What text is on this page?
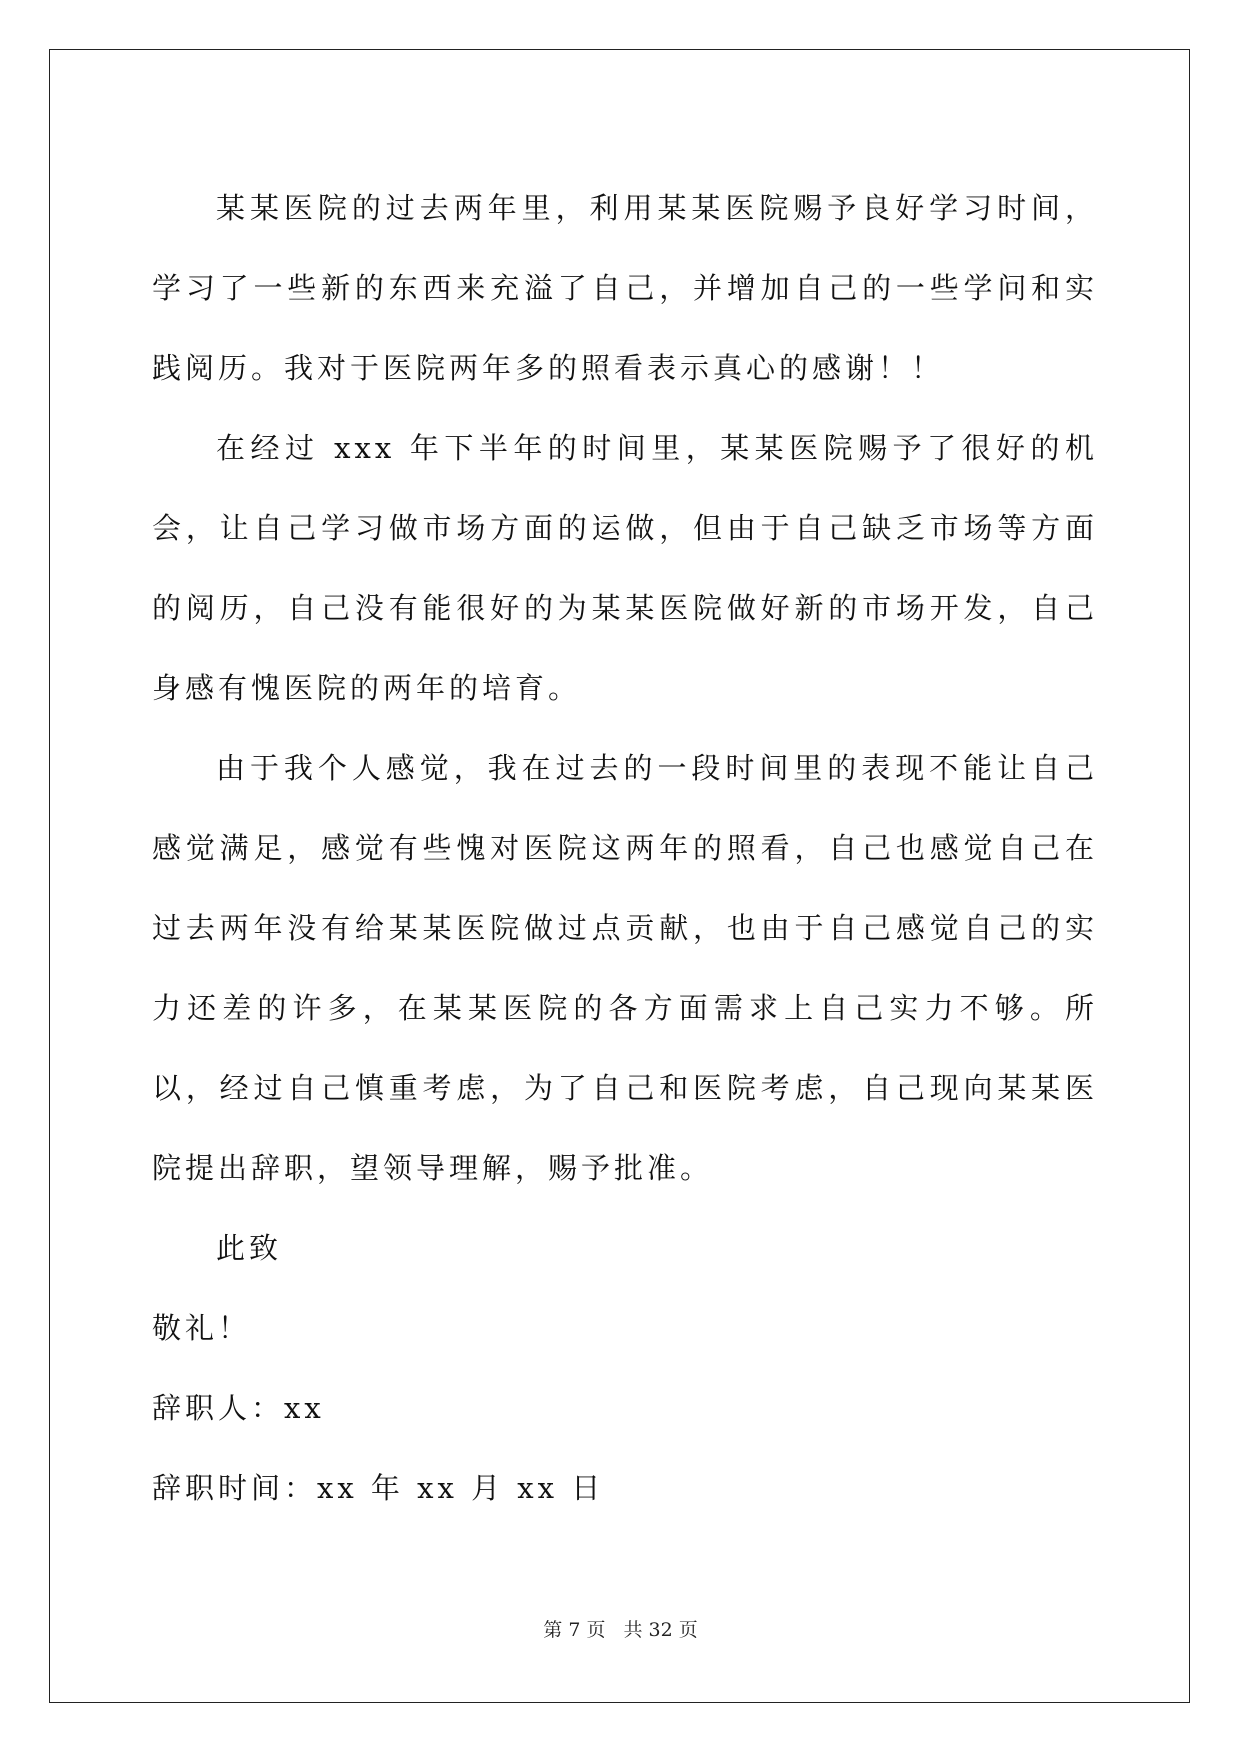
某某医院的过去两年里，利用某某医院赐予良好学习时间，学习了一些新的东西来充溢了自己，并增加自己的一些学问和实践阅历。我对于医院两年多的照看表示真心的感谢！！

在经过 xxx 年下半年的时间里，某某医院赐予了很好的机会，让自己学习做市场方面的运做，但由于自己缺乏市场等方面的阅历，自己没有能很好的为某某医院做好新的市场开发，自己身感有愧医院的两年的培育。

由于我个人感觉，我在过去的一段时间里的表现不能让自己感觉满足，感觉有些愧对医院这两年的照看，自己也感觉自己在过去两年没有给某某医院做过点贡献，也由于自己感觉自己的实力还差的许多，在某某医院的各方面需求上自己实力不够。所以，经过自己慎重考虑，为了自己和医院考虑，自己现向某某医院提出辞职，望领导理解，赐予批准。

此致

敬礼！

辞职人：xx

辞职时间：xx 年 xx 月 xx 日

第 7 页 共 32 页
